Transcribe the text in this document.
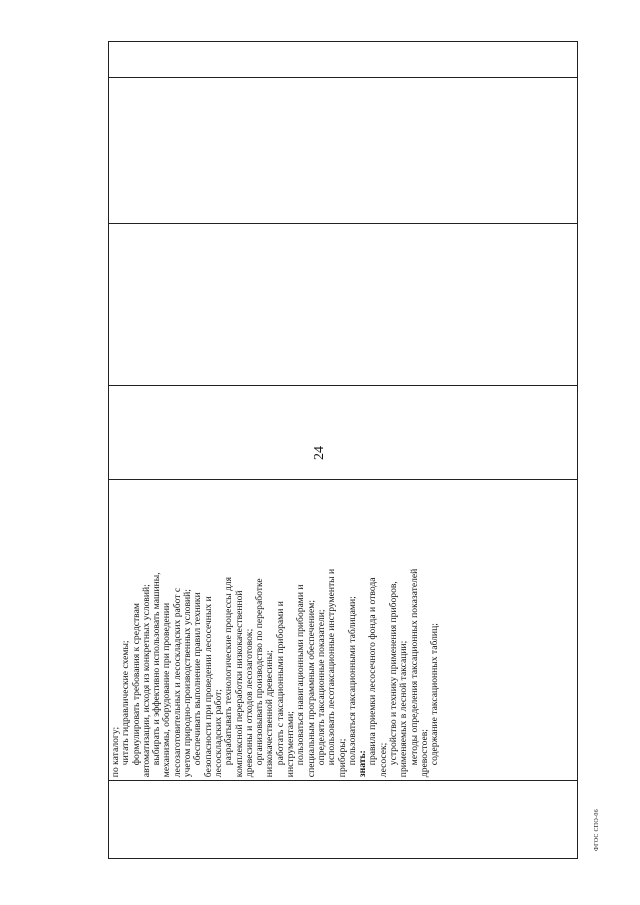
24
по каталогу; читать гидравлические схемы; формулировать требования к средствам автоматизации, исходя из конкретных условий; выбирать и эффективно использовать машины, механизмы, оборудование при проведении лесозаготовительных и лесоскладских работ с учетом природно-производственных условий; обеспечивать выполнение правил техники безопасности при проведении лесосечных и лесоскладских работ; разрабатывать технологические процессы для комплексной переработки низкокачественной древесины и отходов лесозаготовок; организовывать производство по переработке низкокачественной древесины; работать с таксационными приборами и инструментами; пользоваться навигационными приборами и специальным программным обеспечением; определять таксационные показатели; использовать лесотаксационные инструменты и приборы; пользоваться таксационными таблицами; знать: правила приемки лесосечного фонда и отвода лесосек; устройство и технику применения приборов, применяемых в лесной таксации; методы определения таксационных показателей древостоев; содержание таксационных таблиц;
ФГОС СПО-06
